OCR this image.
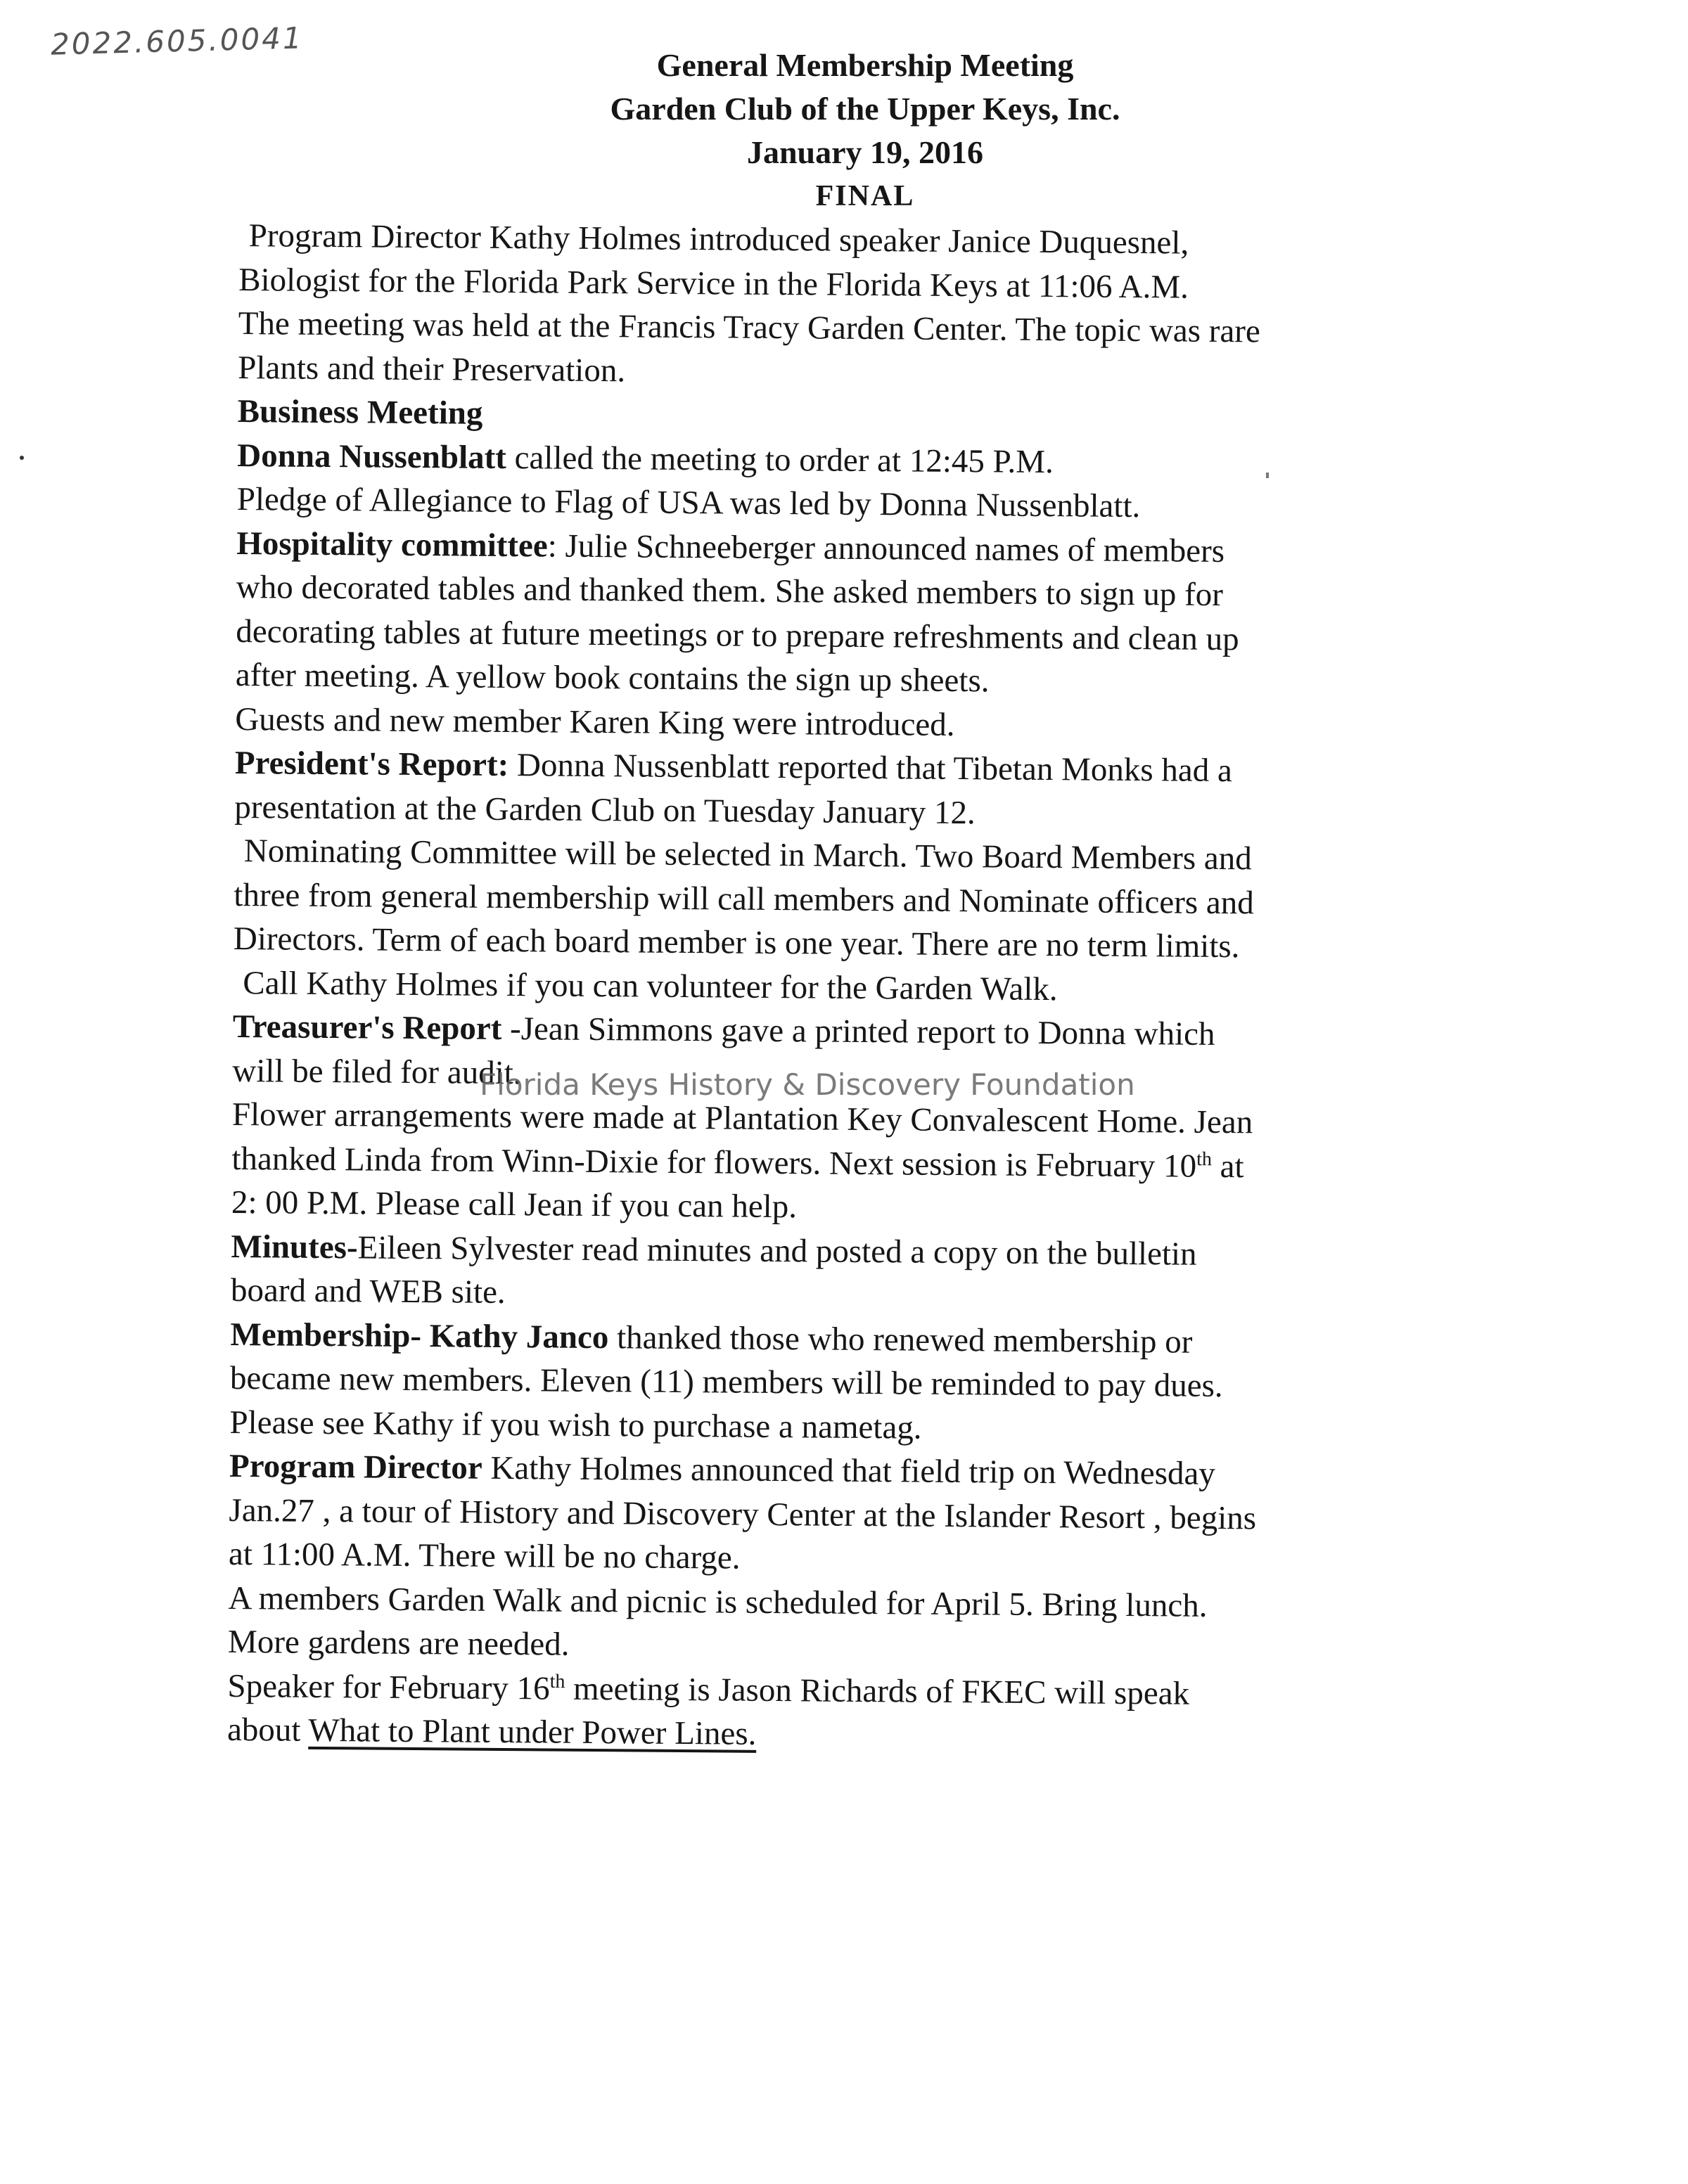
2022.605.0041
General Membership Meeting
Garden Club of the Upper Keys, Inc.
January 19, 2016
FINAL

Program Director Kathy Holmes introduced speaker Janice Duquesnel,

Biologist for the Florida Park Service in the Florida Keys at 11:06 A.M.

The meeting was held at the Francis Tracy Garden Center. The topic was rare

Plants and their Preservation.

Business Meeting

Donna Nussenblatt called the meeting to order at 12:45 P.M.

Pledge of Allegiance to Flag of USA was led by Donna Nussenblatt.

Hospitality committee: Julie Schneeberger announced names of members

who decorated tables and thanked them. She asked members to sign up for

decorating tables at future meetings or to prepare refreshments and clean up

after meeting. A yellow book contains the sign up sheets.

Guests and new member Karen King were introduced.

President's Report: Donna Nussenblatt reported that Tibetan Monks had a

presentation at the Garden Club on Tuesday January 12.

Nominating Committee will be selected in March. Two Board Members and

three from general membership will call members and Nominate officers and

Directors. Term of each board member is one year. There are no term limits.

Call Kathy Holmes if you can volunteer for the Garden Walk.

Treasurer's Report -Jean Simmons gave a printed report to Donna which

will be filed for audit.

Flower arrangements were made at Plantation Key Convalescent Home. Jean

thanked Linda from Winn-Dixie for flowers. Next session is February 10th at

2: 00 P.M. Please call Jean if you can help.

Minutes-Eileen Sylvester read minutes and posted a copy on the bulletin

board and WEB site.

Membership- Kathy Janco thanked those who renewed membership or

became new members. Eleven (11) members will be reminded to pay dues.

Please see Kathy if you wish to purchase a nametag.

Program Director Kathy Holmes announced that field trip on Wednesday

Jan.27 , a tour of History and Discovery Center at the Islander Resort , begins

at 11:00 A.M. There will be no charge.

A members Garden Walk and picnic is scheduled for April 5. Bring lunch.

More gardens are needed.

Speaker for February 16th meeting is Jason Richards of FKEC will speak

about What to Plant under Power Lines.

Florida Keys History & Discovery Foundation
